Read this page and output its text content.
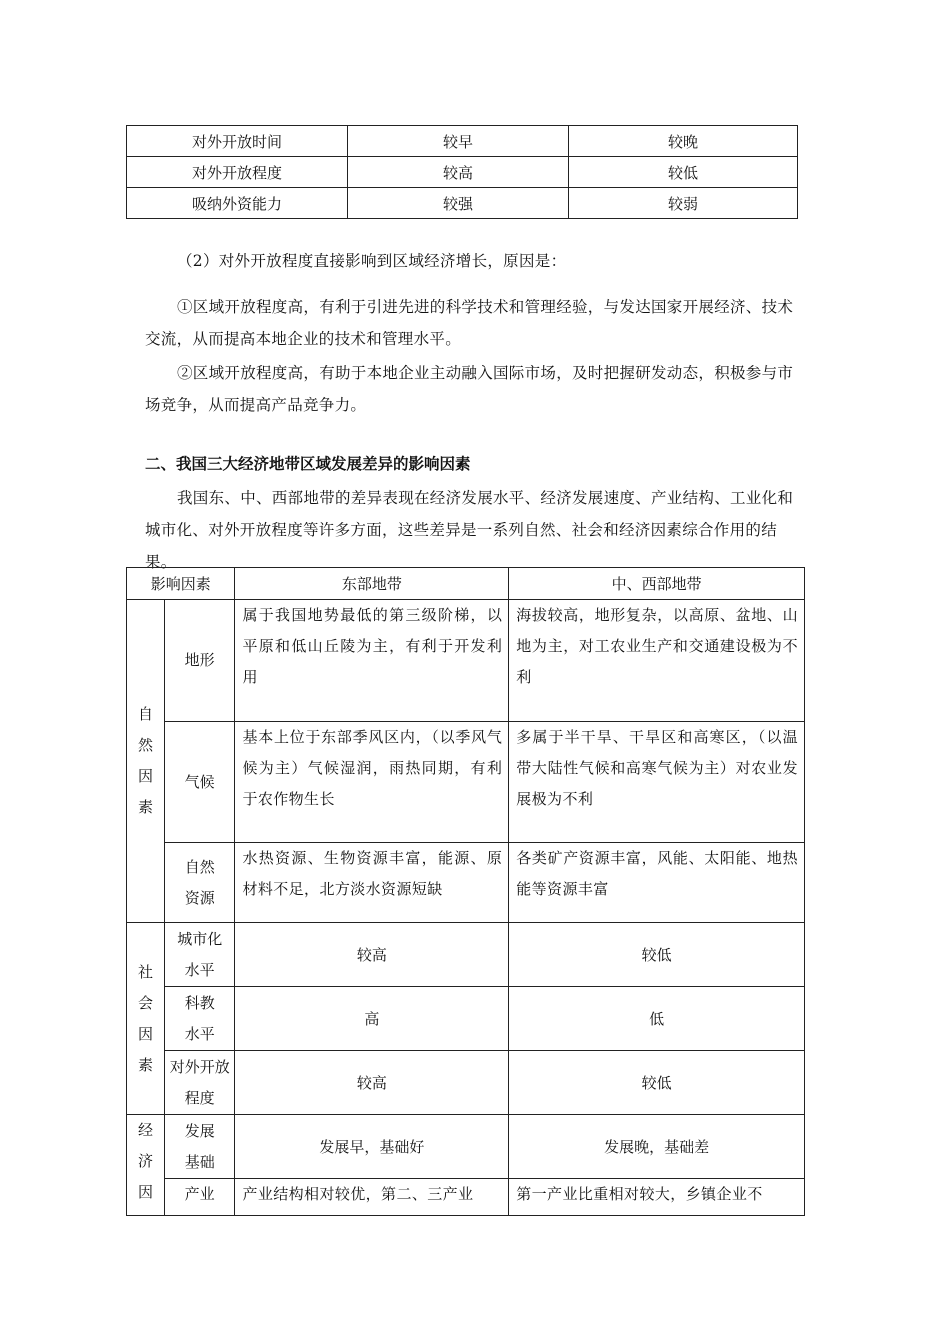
对外开放时间	较早	较晚
对外开放程度	较高	较低
吸纳外资能力	较强	较弱
（2）对外开放程度直接影响到区域经济增长，原因是：
①区域开放程度高，有利于引进先进的科学技术和管理经验，与发达国家开展经济、技术交流，从而提高本地企业的技术和管理水平。
②区域开放程度高，有助于本地企业主动融入国际市场，及时把握研发动态，积极参与市场竞争，从而提高产品竞争力。
二、我国三大经济地带区域发展差异的影响因素
我国东、中、西部地带的差异表现在经济发展水平、经济发展速度、产业结构、工业化和城市化、对外开放程度等许多方面，这些差异是一系列自然、社会和经济因素综合作用的结果。
影响因素		东部地带	中、西部地带
自然因素	地形	属于我国地势最低的第三级阶梯，以平原和低山丘陵为主，有利于开发利用	海拔较高，地形复杂，以高原、盆地、山地为主，对工农业生产和交通建设极为不利
	气候	基本上位于东部季风区内，（以季风气候为主）气候湿润，雨热同期，有利于农作物生长	多属于半干旱、干旱区和高寒区，（以温带大陆性气候和高寒气候为主）对农业发展极为不利
	自然资源	水热资源、生物资源丰富，能源、原材料不足，北方淡水资源短缺	各类矿产资源丰富，风能、太阳能、地热能等资源丰富
社会因素	城市化水平	较高	较低
	科教水平	高	低
	对外开放程度	较高	较低
经济因	发展基础	发展早，基础好	发展晚，基础差
	产业	产业结构相对较优，第二、三产业	第一产业比重相对较大，乡镇企业不
